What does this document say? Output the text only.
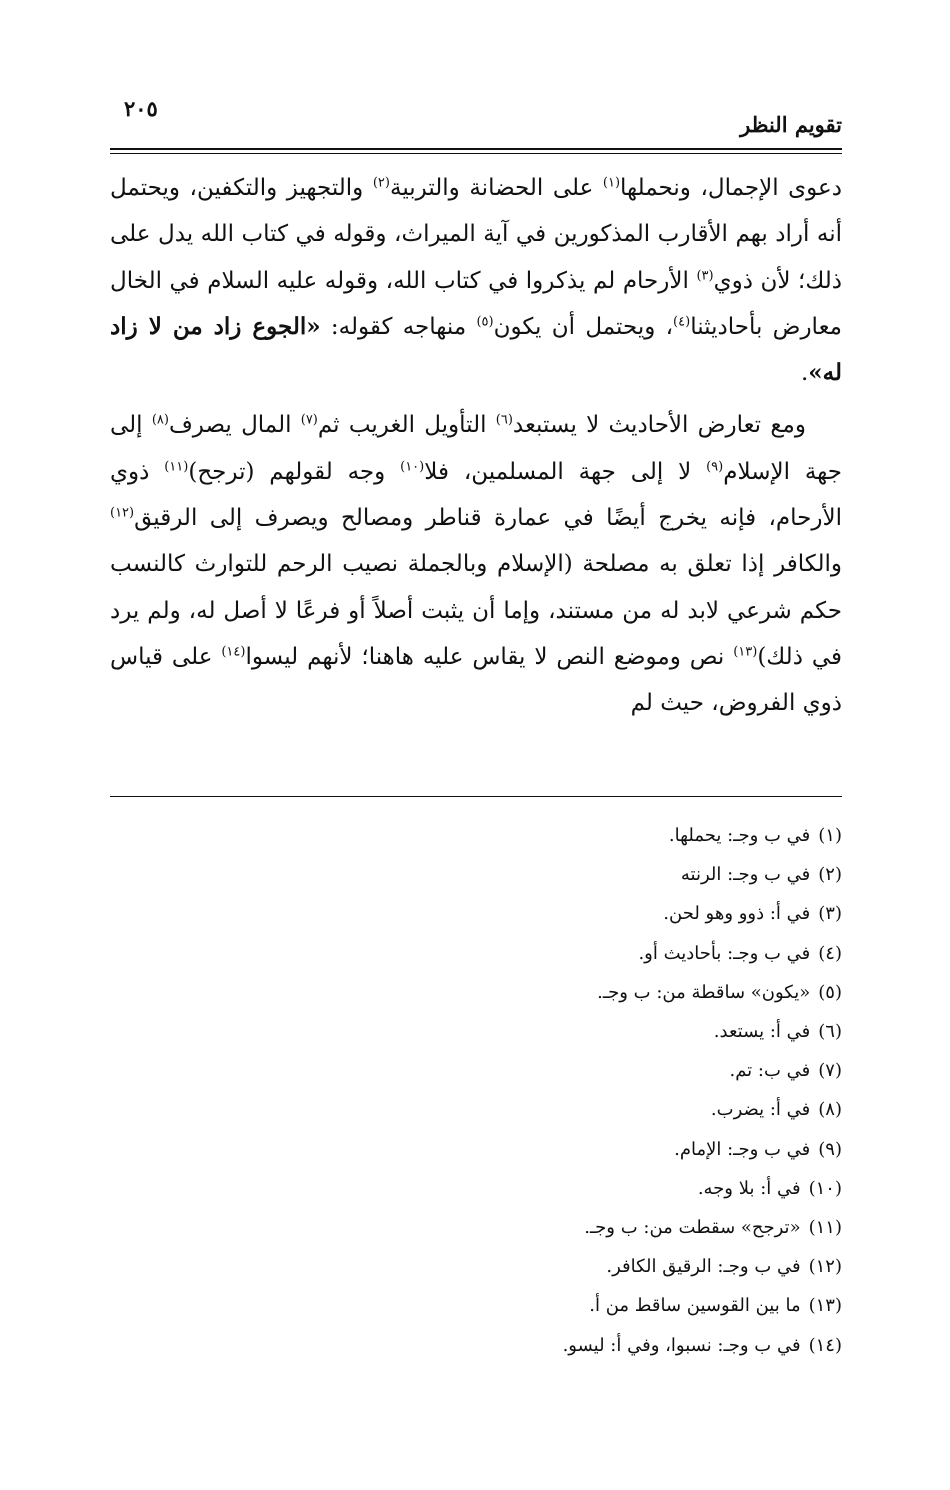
تقويم النظر
٢٠٥

دعوى الإجمال، ونحملها$^{(١)}$ على الحضانة والتربية$^{(٢)}$ والتجهيز والتكفين، ويحتمل أنه أراد بهم الأقارب المذكورين في آية الميراث، وقوله في كتاب الله يدل على ذلك؛ لأن ذوي$^{(٣)}$ الأرحام لم يذكروا في كتاب الله، وقوله عليه السلام في الخال معارض بأحاديثنا$^{(٤)}$، ويحتمل أن يكون$^{(٥)}$ منهاجه كقوله: «الجوع زاد من لا زاد له».

ومع تعارض الأحاديث لا يستبعد$^{(٦)}$ التأويل الغريب ثم$^{(٧)}$ المال يصرف$^{(٨)}$ إلى جهة الإسلام$^{(٩)}$ لا إلى جهة المسلمين، فلا$^{(١٠)}$ وجه لقولهم (ترجح)$^{(١١)}$ ذوي الأرحام، فإنه يخرج أيضًا في عمارة قناطر ومصالح ويصرف إلى الرقيق$^{(١٢)}$ والكافر إذا تعلق به مصلحة (الإسلام وبالجملة نصيب الرحم للتوارث كالنسب حكم شرعي لابد له من مستند، وإما أن يثبت أصلاً أو فرعًا لا أصل له، ولم يرد في ذلك)$^{(١٣)}$ نص وموضع النص لا يقاس عليه هاهنا؛ لأنهم ليسوا$^{(١٤)}$ على قياس ذوي الفروض، حيث لم

(١)في ب وجـ: يحملها.
(٢)في ب وجـ: الرنته
(٣)في أ: ذوو وهو لحن.
(٤)في ب وجـ: بأحاديث أو.
(٥)«يكون» ساقطة من: ب وجـ.
(٦)في أ: يستعد.
(٧)في ب: تم.
(٨)في أ: يضرب.
(٩)في ب وجـ: الإمام.
(١٠)في أ: بلا وجه.
(١١)«ترجح» سقطت من: ب وجـ.
(١٢)في ب وجـ: الرقيق الكافر.
(١٣)ما بين القوسين ساقط من أ.
(١٤)في ب وجـ: نسبوا، وفي أ: ليسو.
